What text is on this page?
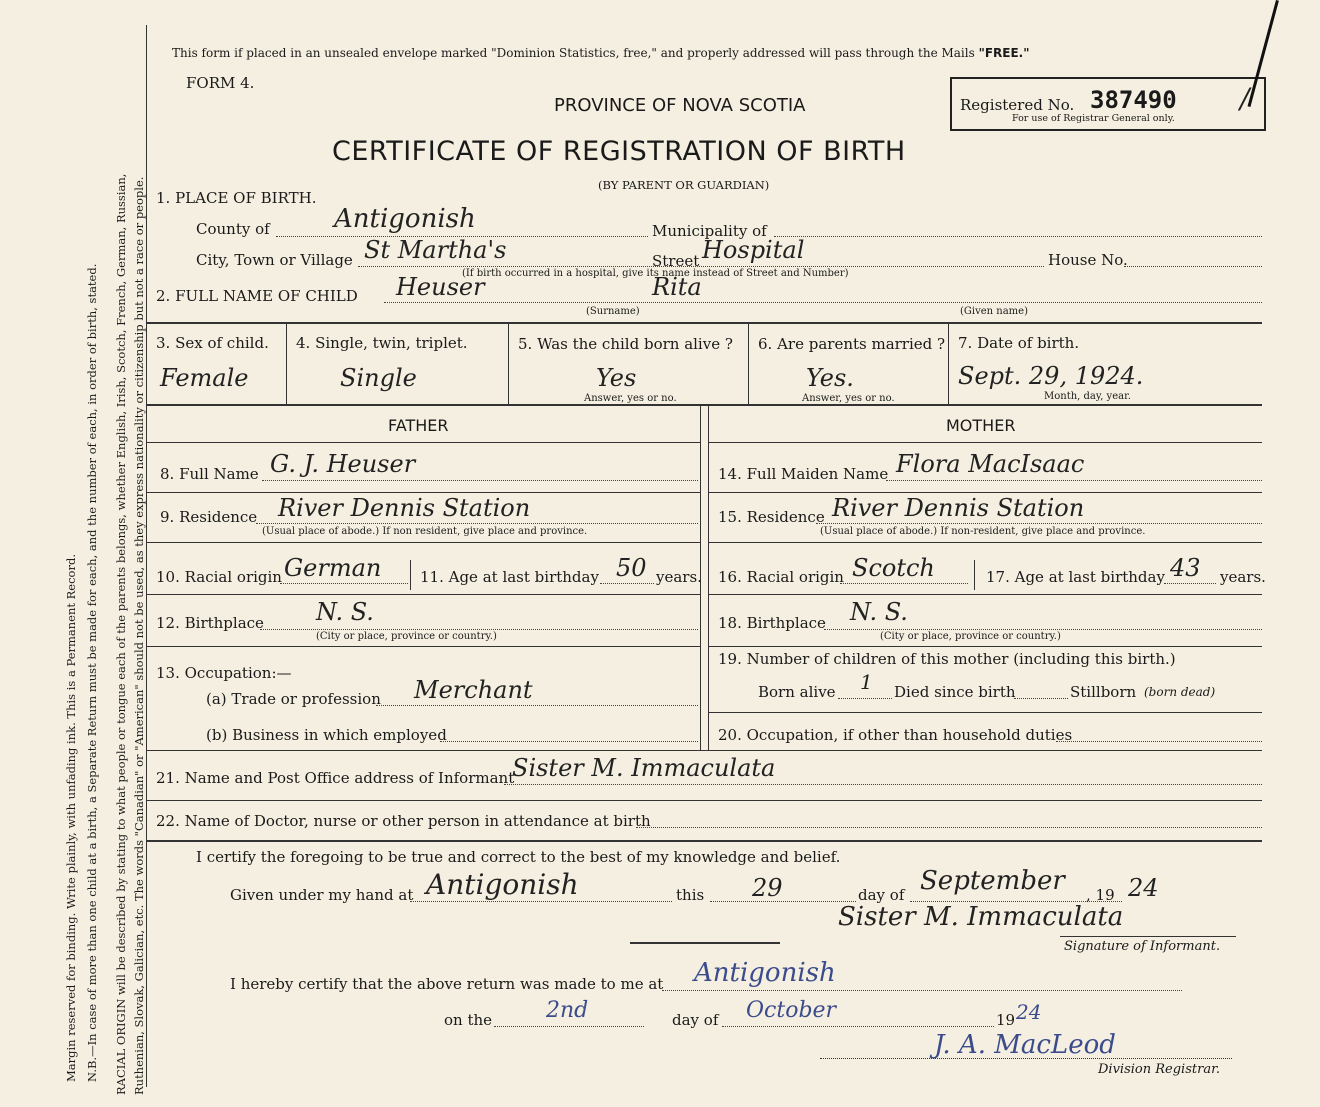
Margin reserved for binding. Write plainly, with unfading ink. This is a Permanent Record. N.B.—In case of more than one child at a birth, a Separate Return must be made for each, and the number of each, in order of birth, stated. RACIAL ORIGIN will be described by stating to what people or tongue each of the parents belongs, whether English, Irish, Scotch, French, German, Russian, Ruthenian, Slovak, Galician, etc. The words "Canadian" or "American" should not be used, as they express nationality or citizenship but not a race or people.
This form if placed in an unsealed envelope marked "Dominion Statistics, free," and properly addressed will pass through the Mails "FREE."
FORM 4.
PROVINCE OF NOVA SCOTIA
CERTIFICATE OF REGISTRATION OF BIRTH
(BY PARENT OR GUARDIAN)
Registered No. 387490 /
For use of Registrar General only.
1. PLACE OF BIRTH.
County of Antigonish	Municipality of
City, Town or Village St Martha's	Street Hospital
(If birth occurred in a hospital, give its name instead of Street and Number)
House No.
2. FULL NAME OF CHILD Heuser	Rita
(Surname)	(Given name)
3. Sex of child.
Female
4. Single, twin, triplet.
Single
5. Was the child born alive ?
Yes
Answer, yes or no.
6. Are parents married ?
Yes.
Answer, yes or no.
7. Date of birth.
Sept. 29, 1924.
Month, day, year.
FATHER	MOTHER
8. Full Name G. J. Heuser	14. Full Maiden Name Flora MacIsaac
9. Residence River Dennis Station
(Usual place of abode.) If non resident, give place and province.
15. Residence River Dennis Station
(Usual place of abode.) If non-resident, give place and province.
10. Racial origin German	11. Age at last birthday 50 years. 16. Racial origin Scotch	17. Age at last birthday 43 years.
12. Birthplace N. S.
(City or place, province or country.)
18. Birthplace N. S.
(City or place, province or country.)
13. Occupation:—
(a) Trade or profession Merchant
(b) Business in which employed
19. Number of children of this mother (including this birth.)
Born alive 1 Died since birth	Stillborn (born dead)
20. Occupation, if other than household duties
21. Name and Post Office address of Informant
Sister M. Immaculata
22. Name of Doctor, nurse or other person in attendance at birth
I certify the foregoing to be true and correct to the best of my knowledge and belief.
Given under my hand at Antigonish	this 29	day of September , 19 24
Sister M. Immaculata
Signature of Informant.
I hereby certify that the above return was made to me at Antigonish
on the 2nd	day of October	19 24
J. A. MacLeod
Division Registrar.
